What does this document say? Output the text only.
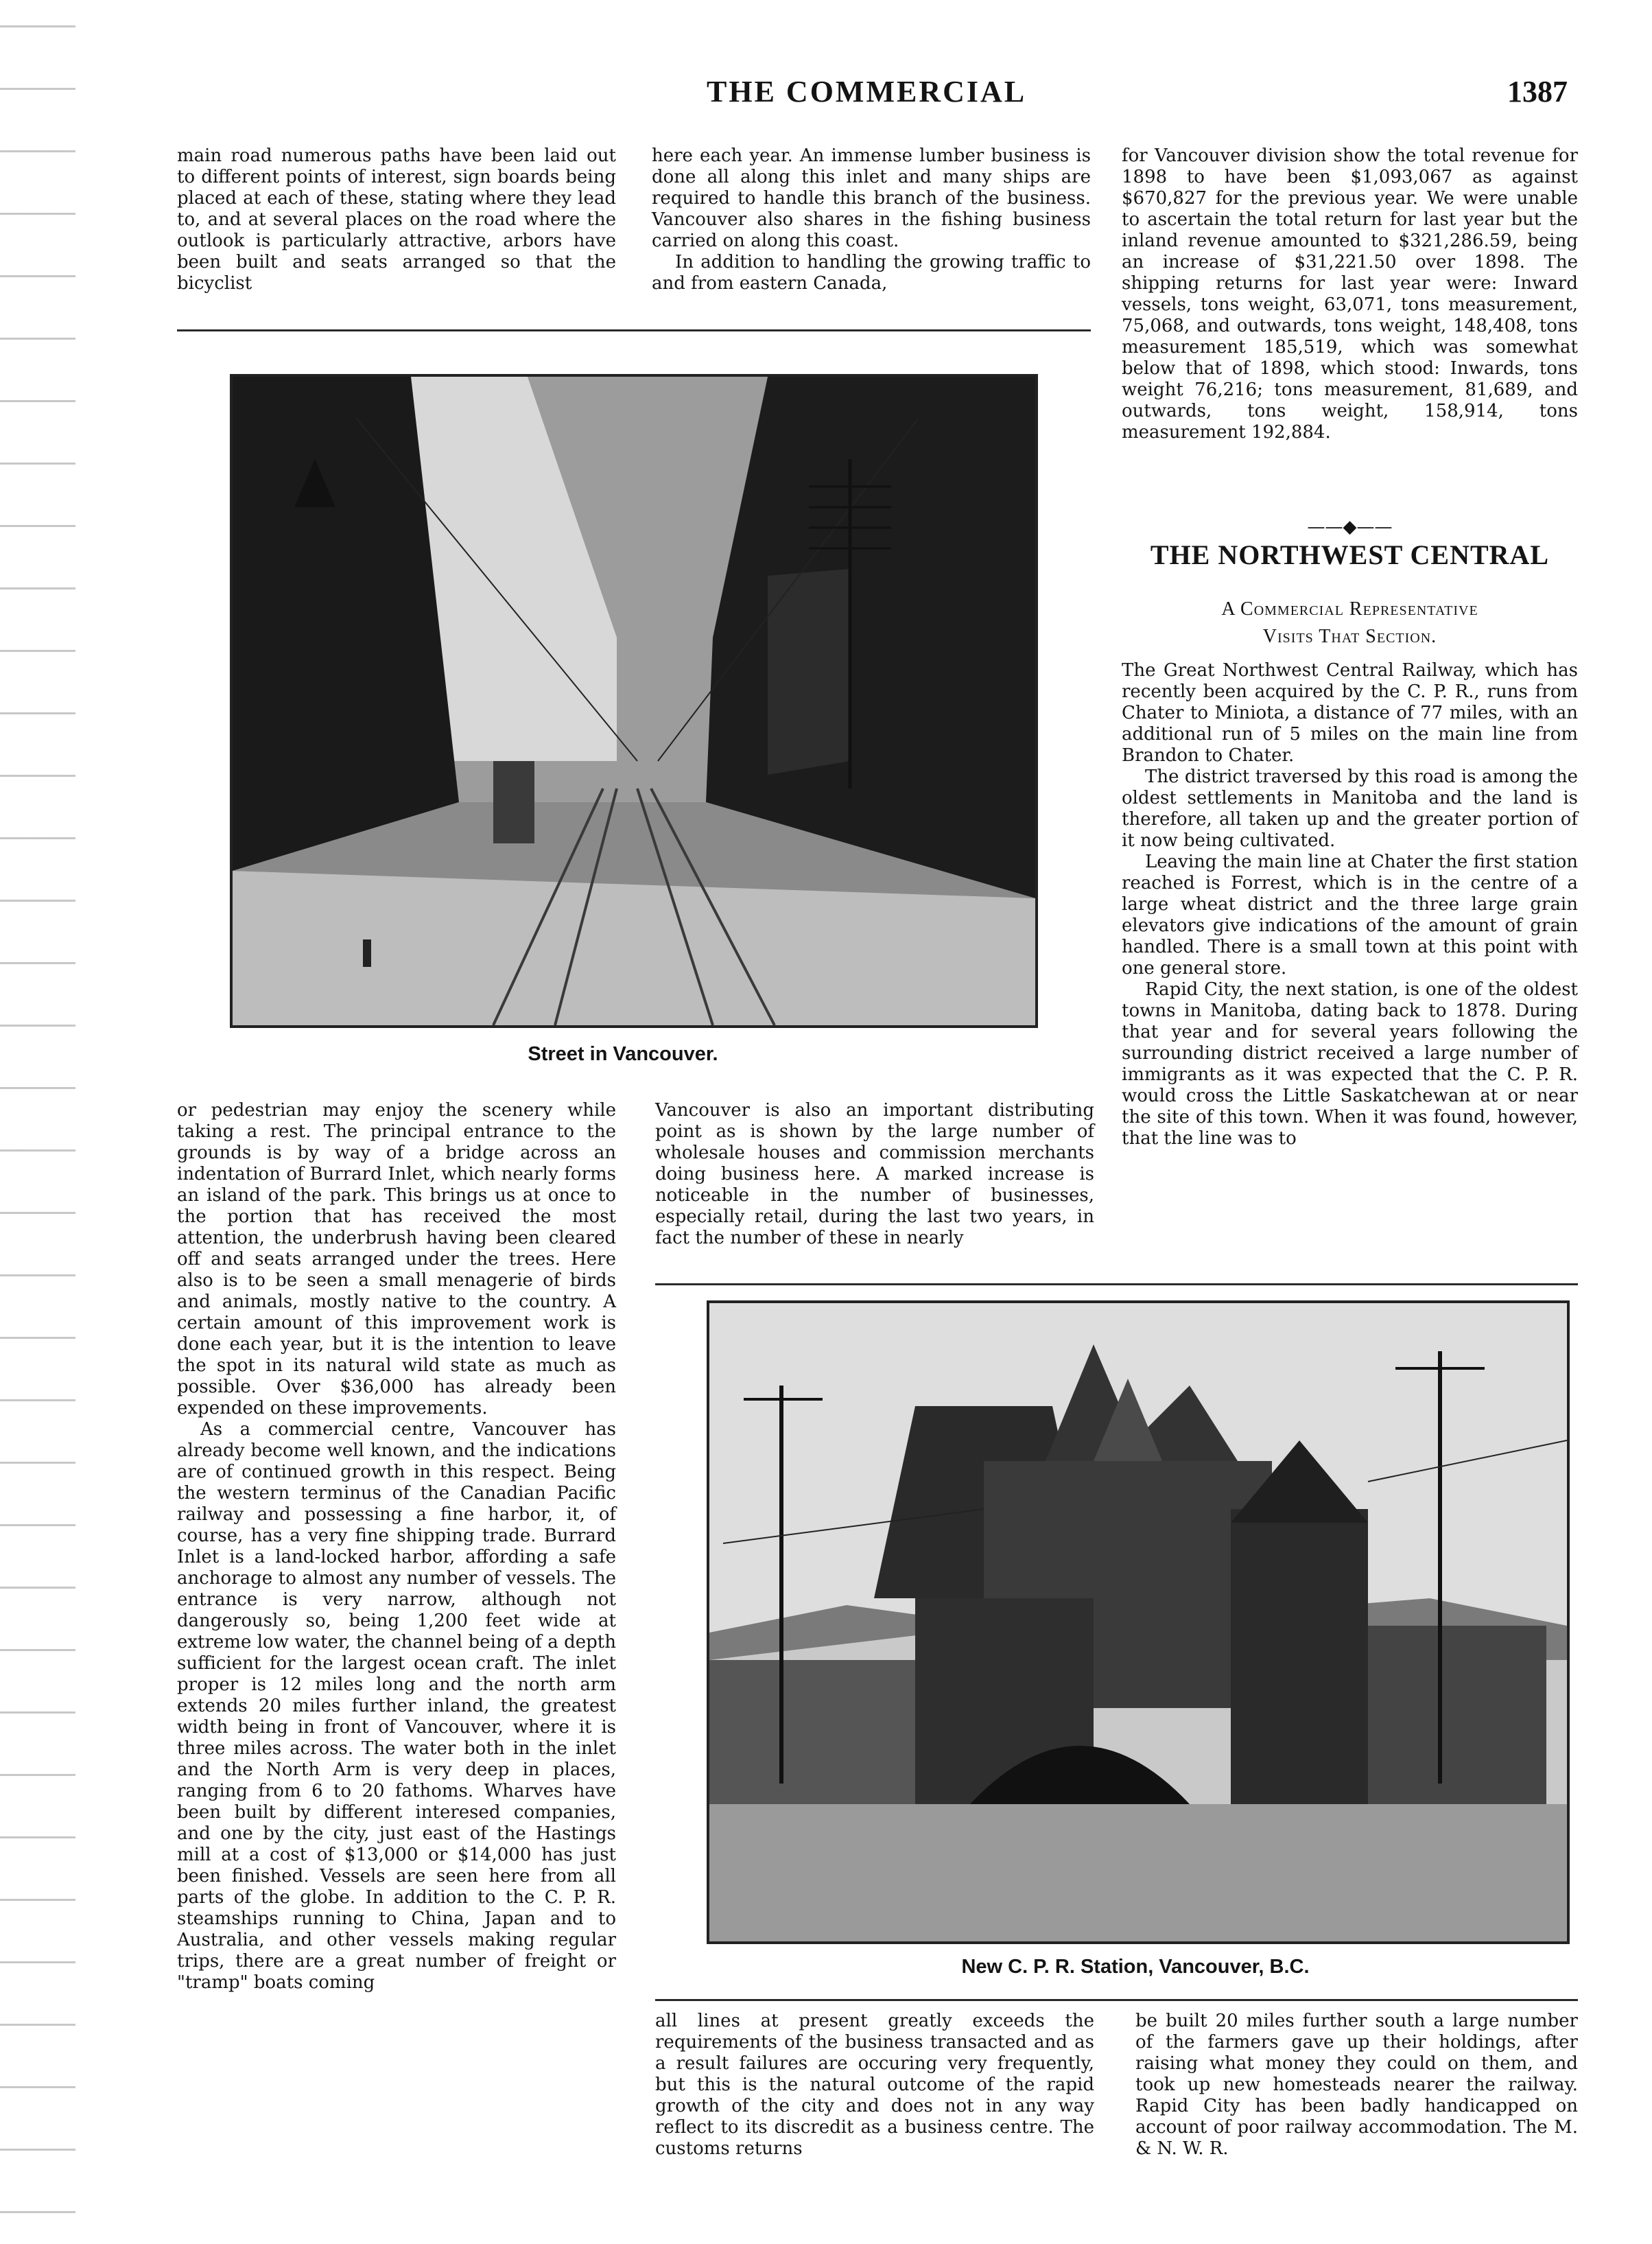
THE COMMERCIAL	1387

main road numerous paths have been laid out to different points of interest, sign boards being placed at each of these, stating where they lead to, and at several places on the road where the outlook is particularly attractive, arbors have been built and seats arranged so that the bicyclist

here each year. An immense lumber business is done all along this inlet and many ships are required to handle this branch of the business. Vancouver also shares in the fishing business carried on along this coast.

In addition to handling the growing traffic to and from eastern Canada,

Street in Vancouver.

for Vancouver division show the total revenue for 1898 to have been $1,093,067 as against $670,827 for the previous year. We were unable to ascertain the total return for last year but the inland revenue amounted to $321,286.59, being an increase of $31,221.50 over 1898. The shipping returns for last year were: Inward vessels, tons weight, 63,071, tons measurement, 75,068, and outwards, tons weight, 148,408, tons measurement 185,519, which was somewhat below that of 1898, which stood: Inwards, tons weight 76,216; tons measurement, 81,689, and outwards, tons weight, 158,914, tons measurement 192,884.

——◆——
THE NORTHWEST CENTRAL
A Commercial Representative
Visits That Section.

The Great Northwest Central Railway, which has recently been acquired by the C. P. R., runs from Chater to Miniota, a distance of 77 miles, with an additional run of 5 miles on the main line from Brandon to Chater.

The district traversed by this road is among the oldest settlements in Manitoba and the land is therefore, all taken up and the greater portion of it now being cultivated.

Leaving the main line at Chater the first station reached is Forrest, which is in the centre of a large wheat district and the three large grain elevators give indications of the amount of grain handled. There is a small town at this point with one general store.

Rapid City, the next station, is one of the oldest towns in Manitoba, dating back to 1878. During that year and for several years following the surrounding district received a large number of immigrants as it was expected that the C. P. R. would cross the Little Saskatchewan at or near the site of this town. When it was found, however, that the line was to

or pedestrian may enjoy the scenery while taking a rest. The principal entrance to the grounds is by way of a bridge across an indentation of Burrard Inlet, which nearly forms an island of the park. This brings us at once to the portion that has received the most attention, the underbrush having been cleared off and seats arranged under the trees. Here also is to be seen a small menagerie of birds and animals, mostly native to the country. A certain amount of this improvement work is done each year, but it is the intention to leave the spot in its natural wild state as much as possible. Over $36,000 has already been expended on these improvements.

As a commercial centre, Vancouver has already become well known, and the indications are of continued growth in this respect. Being the western terminus of the Canadian Pacific railway and possessing a fine harbor, it, of course, has a very fine shipping trade. Burrard Inlet is a land-locked harbor, affording a safe anchorage to almost any number of vessels. The entrance is very narrow, although not dangerously so, being 1,200 feet wide at extreme low water, the channel being of a depth sufficient for the largest ocean craft. The inlet proper is 12 miles long and the north arm extends 20 miles further inland, the greatest width being in front of Vancouver, where it is three miles across. The water both in the inlet and the North Arm is very deep in places, ranging from 6 to 20 fathoms. Wharves have been built by different interesed companies, and one by the city, just east of the Hastings mill at a cost of $13,000 or $14,000 has just been finished. Vessels are seen here from all parts of the globe. In addition to the C. P. R. steamships running to China, Japan and to Australia, and other vessels making regular trips, there are a great number of freight or "tramp" boats coming

Vancouver is also an important distributing point as is shown by the large number of wholesale houses and commission merchants doing business here. A marked increase is noticeable in the number of businesses, especially retail, during the last two years, in fact the number of these in nearly

New C. P. R. Station, Vancouver, B.C.

all lines at present greatly exceeds the requirements of the business transacted and as a result failures are occuring very frequently, but this is the natural outcome of the rapid growth of the city and does not in any way reflect to its discredit as a business centre. The customs returns

be built 20 miles further south a large number of the farmers gave up their holdings, after raising what money they could on them, and took up new homesteads nearer the railway. Rapid City has been badly handicapped on account of poor railway accommodation. The M. & N. W. R.
